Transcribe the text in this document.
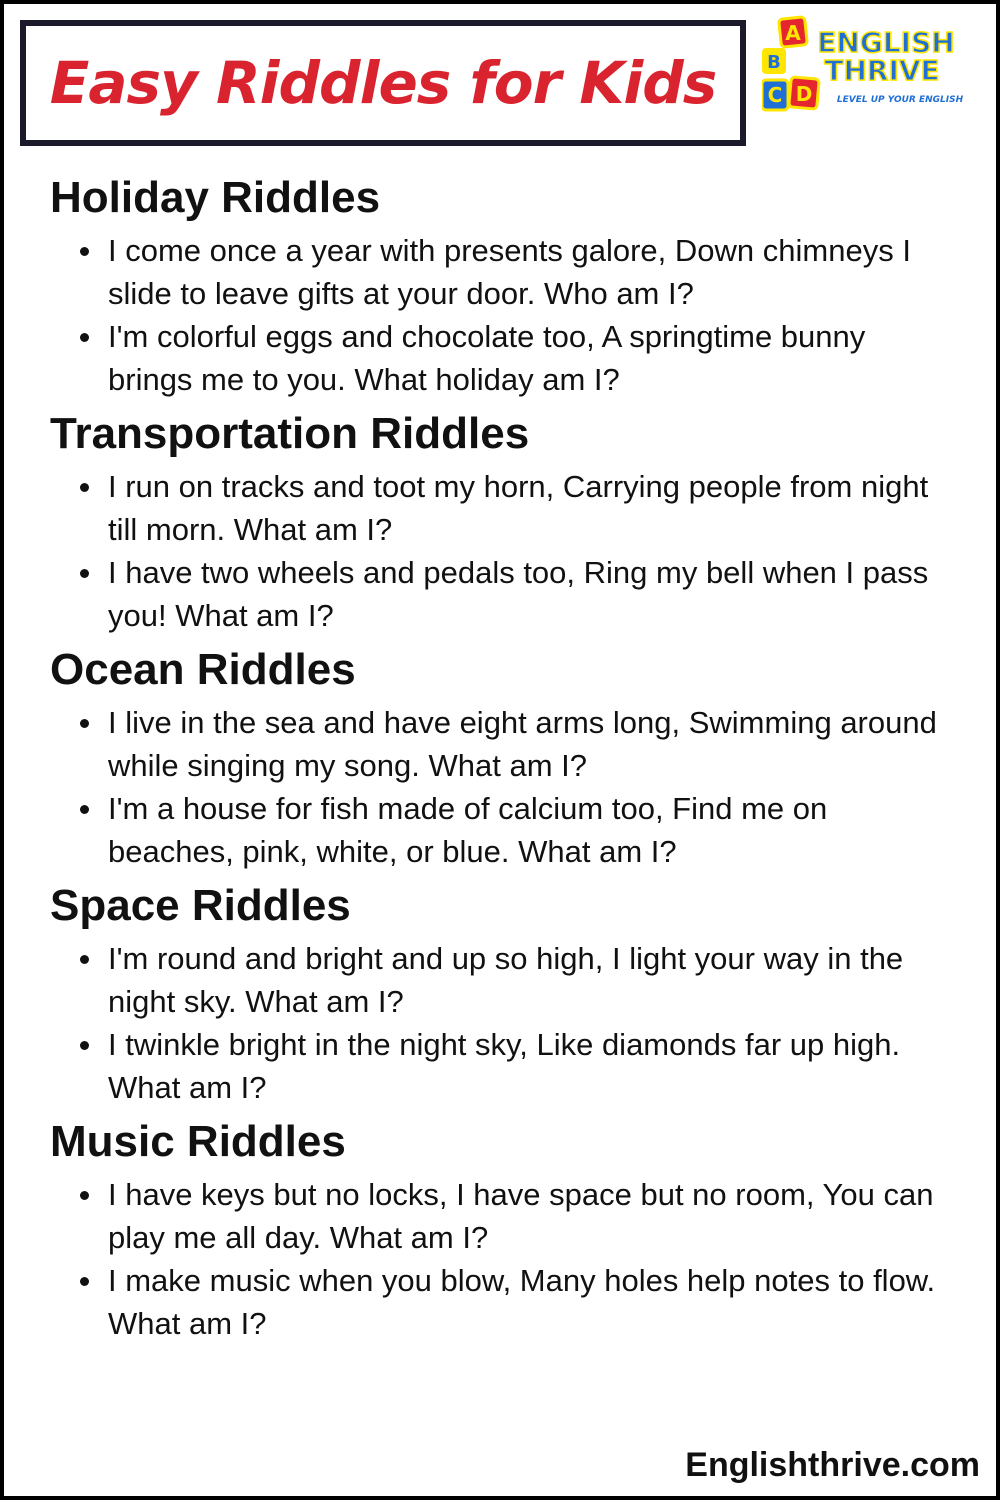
Easy Riddles for Kids
A
B
C D
ENGLISH
THRIVE
LEVEL UP YOUR ENGLISH
Holiday Riddles
I come once a year with presents galore, Down chimneys I slide to leave gifts at your door. Who am I?
I'm colorful eggs and chocolate too, A springtime bunny brings me to you. What holiday am I?
Transportation Riddles
I run on tracks and toot my horn, Carrying people from night till morn. What am I?
I have two wheels and pedals too, Ring my bell when I pass you! What am I?
Ocean Riddles
I live in the sea and have eight arms long, Swimming around while singing my song. What am I?
I'm a house for fish made of calcium too, Find me on beaches, pink, white, or blue. What am I?
Space Riddles
I'm round and bright and up so high, I light your way in the night sky. What am I?
I twinkle bright in the night sky, Like diamonds far up high. What am I?
Music Riddles
I have keys but no locks, I have space but no room, You can play me all day. What am I?
I make music when you blow, Many holes help notes to flow. What am I?
Englishthrive.com
